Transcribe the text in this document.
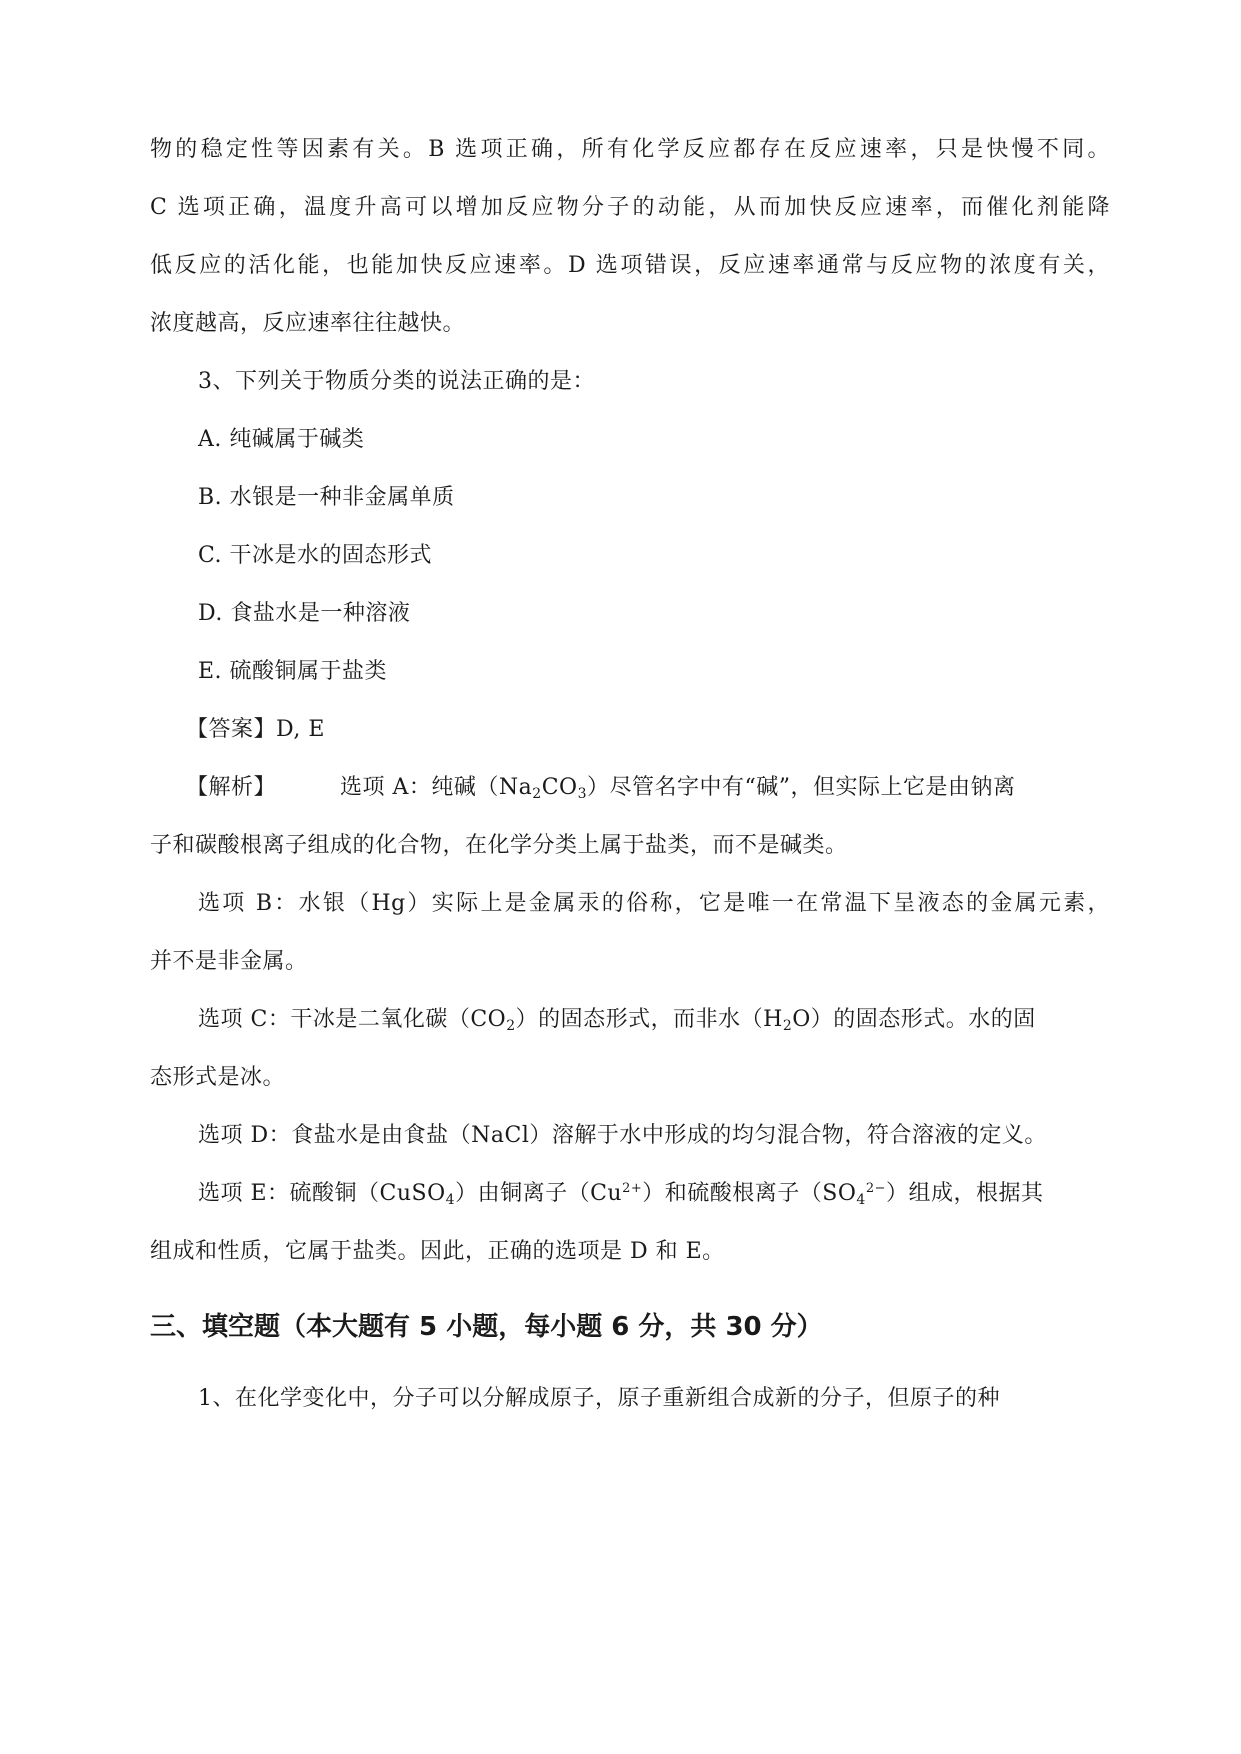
物的稳定性等因素有关。B 选项正确，所有化学反应都存在反应速率，只是快慢不同。
C 选项正确，温度升高可以增加反应物分子的动能，从而加快反应速率，而催化剂能降
低反应的活化能，也能加快反应速率。D 选项错误，反应速率通常与反应物的浓度有关，
浓度越高，反应速率往往越快。
3、下列关于物质分类的说法正确的是：
A. 纯碱属于碱类
B. 水银是一种非金属单质
C. 干冰是水的固态形式
D. 食盐水是一种溶液
E. 硫酸铜属于盐类
【答案】D, E
【解析】	选项 A：纯碱$(Na_2CO_3)$尽管名字中有“碱”，但实际上它是由钠离
子和碳酸根离子组成的化合物，在化学分类上属于盐类，而不是碱类。
选项 B：水银（Hg）实际上是金属汞的俗称，它是唯一在常温下呈液态的金属元素，
并不是非金属。
选项 C：干冰是二氧化碳$(CO_2)$的固态形式，而非水$(H_2O)$的固态形式。水的固
态形式是冰。
选项 D：食盐水是由食盐（NaCl）溶解于水中形成的均匀混合物，符合溶液的定义。
选项 E：硫酸铜（CuSO$_4$）由铜离子$(Cu^{2+})$和硫酸根离子$(SO_4^{2-})$组成，根据其
组成和性质，它属于盐类。因此，正确的选项是 D 和 E。
三、填空题（本大题有 5 小题，每小题 6 分，共 30 分）
1、在化学变化中，分子可以分解成原子，原子重新组合成新的分子，但原子的种
